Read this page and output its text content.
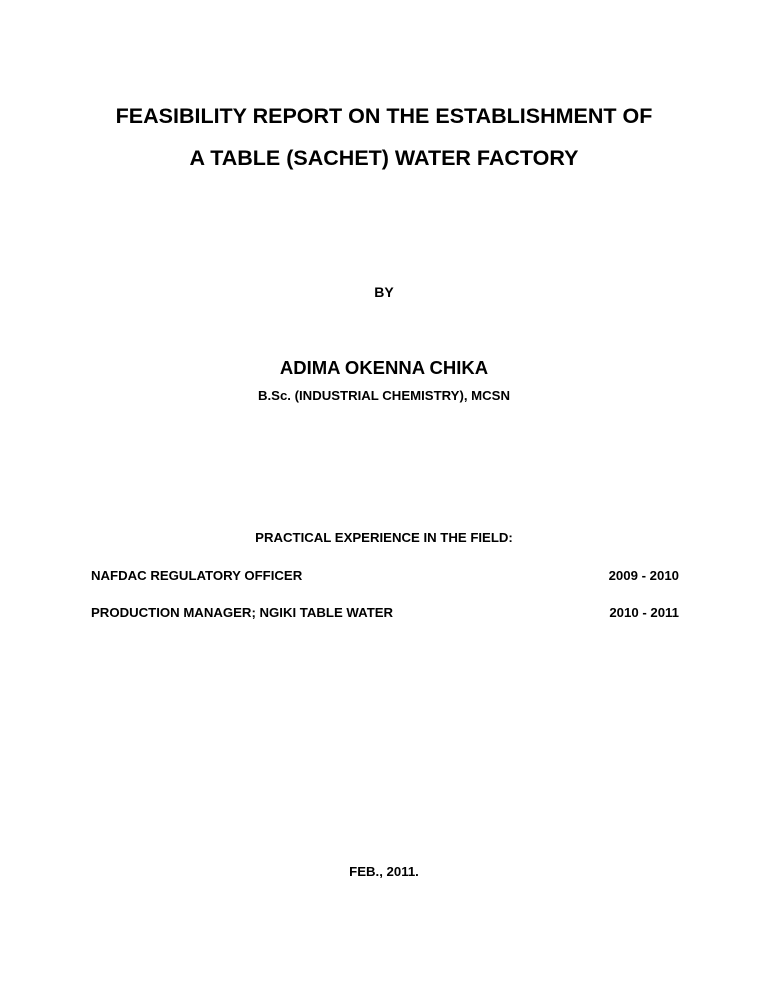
FEASIBILITY REPORT ON THE ESTABLISHMENT OF
A TABLE (SACHET) WATER FACTORY
BY
ADIMA OKENNA CHIKA
B.Sc. (INDUSTRIAL CHEMISTRY), MCSN
PRACTICAL EXPERIENCE IN THE FIELD:
NAFDAC REGULATORY OFFICER	2009 - 2010
PRODUCTION MANAGER; NGIKI TABLE WATER	2010 - 2011
FEB., 2011.
